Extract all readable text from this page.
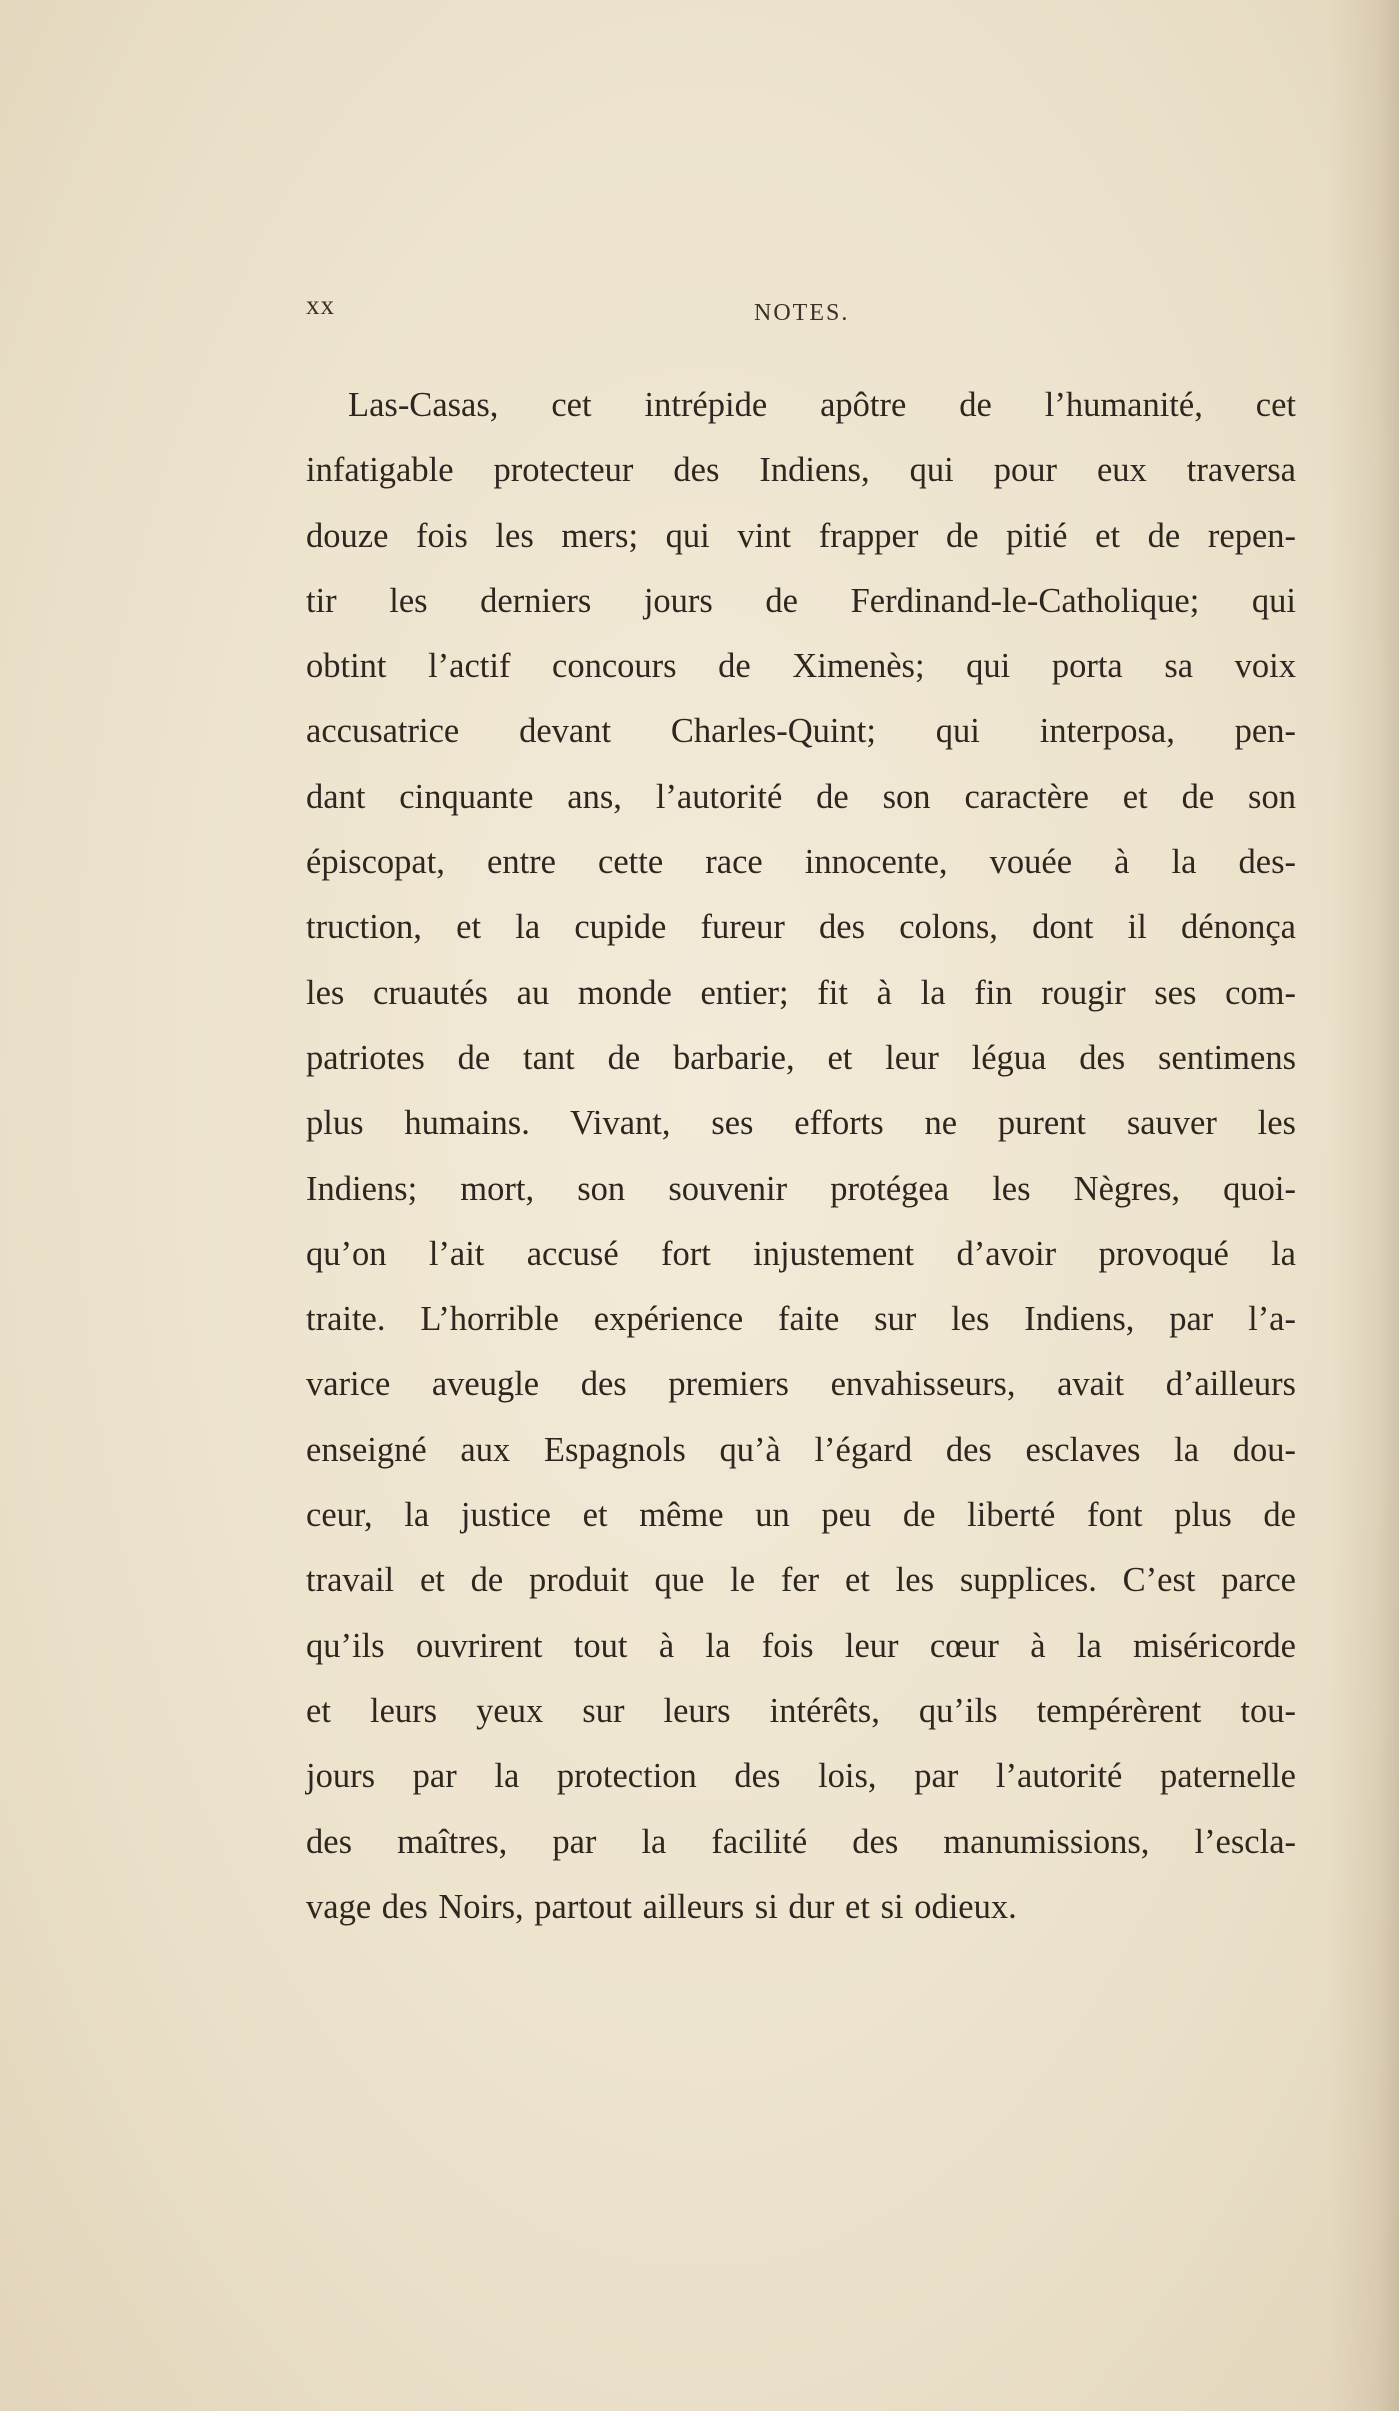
xx	NOTES.
Las-Casas, cet intrépide apôtre de l’humanité, cet
infatigable protecteur des Indiens, qui pour eux traversa
douze fois les mers; qui vint frapper de pitié et de repen-
tir les derniers jours de Ferdinand-le-Catholique; qui
obtint l’actif concours de Ximenès; qui porta sa voix
accusatrice devant Charles-Quint; qui interposa, pen-
dant cinquante ans, l’autorité de son caractère et de son
épiscopat, entre cette race innocente, vouée à la des-
truction, et la cupide fureur des colons, dont il dénonça
les cruautés au monde entier; fit à la fin rougir ses com-
patriotes de tant de barbarie, et leur légua des sentimens
plus humains. Vivant, ses efforts ne purent sauver les
Indiens; mort, son souvenir protégea les Nègres, quoi-
qu’on l’ait accusé fort injustement d’avoir provoqué la
traite. L’horrible expérience faite sur les Indiens, par l’a-
varice aveugle des premiers envahisseurs, avait d’ailleurs
enseigné aux Espagnols qu’à l’égard des esclaves la dou-
ceur, la justice et même un peu de liberté font plus de
travail et de produit que le fer et les supplices. C’est parce
qu’ils ouvrirent tout à la fois leur cœur à la miséricorde
et leurs yeux sur leurs intérêts, qu’ils tempérèrent tou-
jours par la protection des lois, par l’autorité paternelle
des maîtres, par la facilité des manumissions, l’escla-
vage des Noirs, partout ailleurs si dur et si odieux.
